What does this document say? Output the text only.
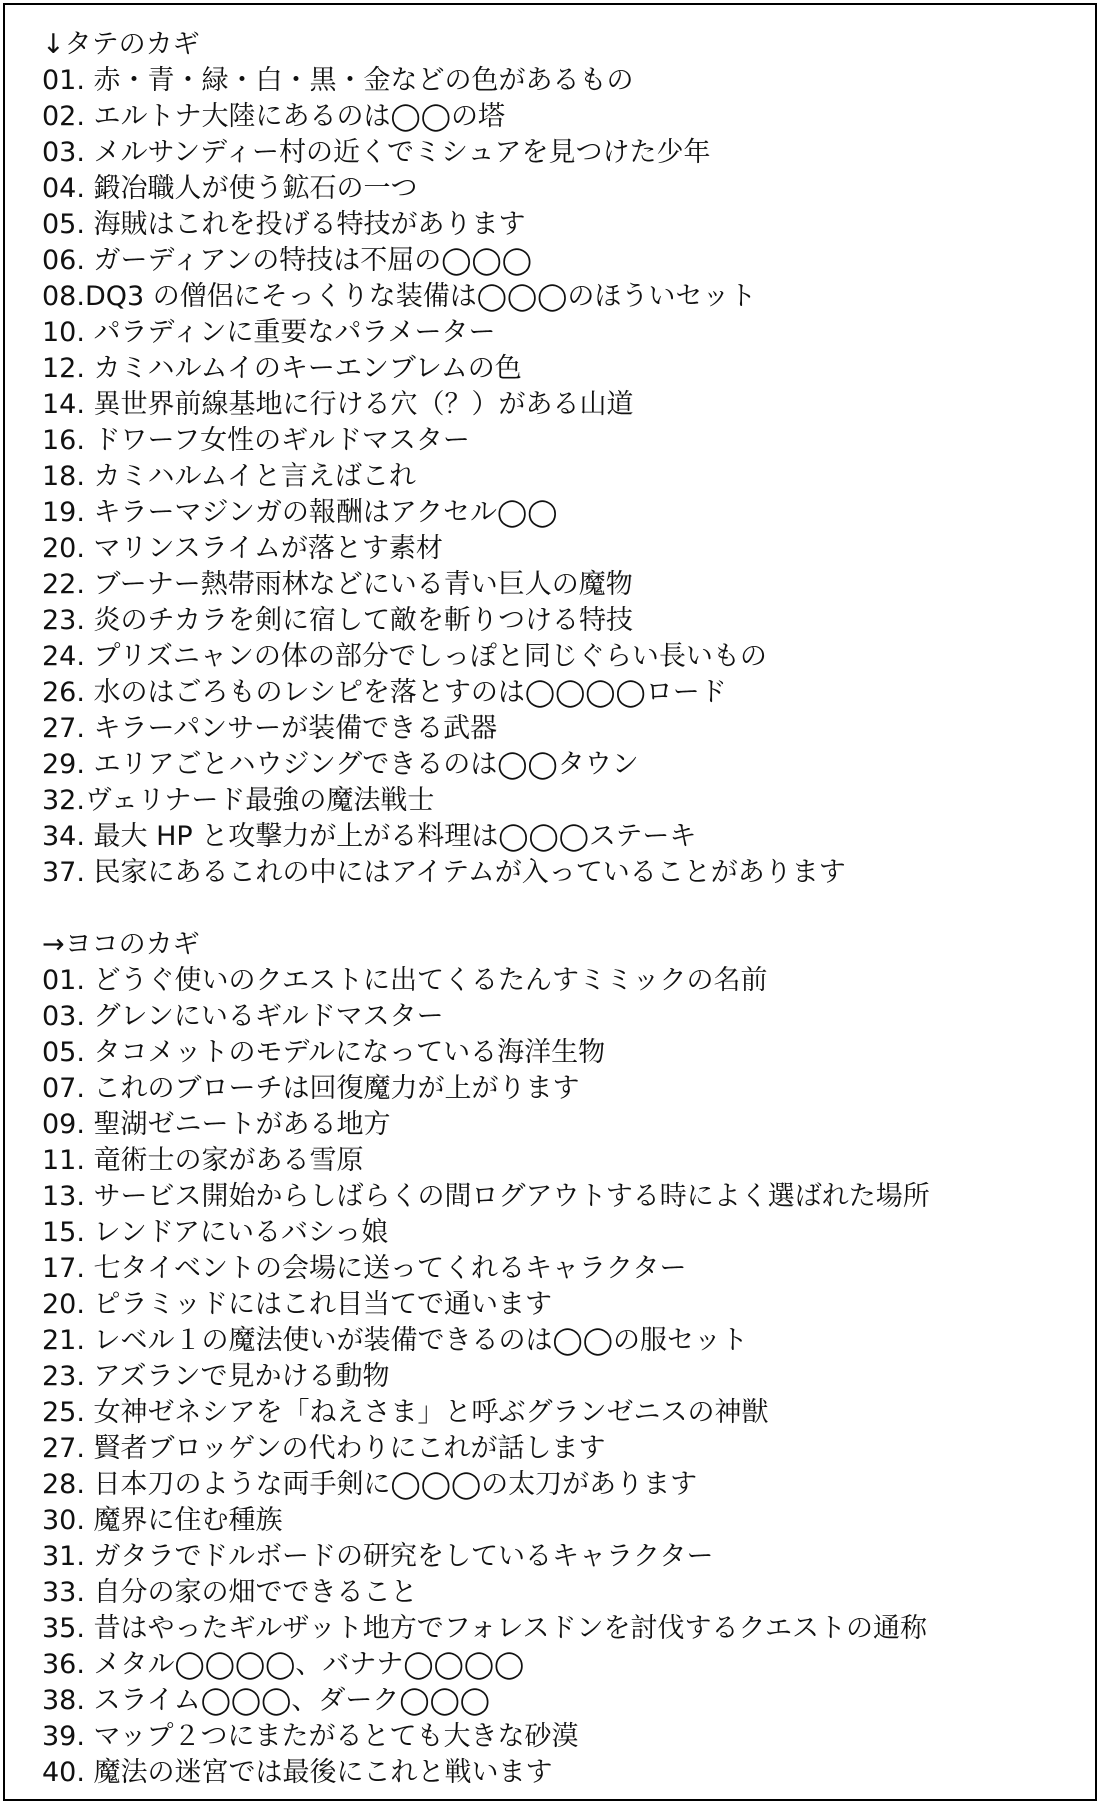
↓タテのカギ
01. 赤・青・緑・白・黒・金などの色があるもの
02. エルトナ大陸にあるのは◯◯の塔
03. メルサンディー村の近くでミシュアを見つけた少年
04. 鍛冶職人が使う鉱石の一つ
05. 海賊はこれを投げる特技があります
06. ガーディアンの特技は不屈の◯◯◯
08.DQ3 の僧侶にそっくりな装備は◯◯◯のほういセット
10. パラディンに重要なパラメーター
12. カミハルムイのキーエンブレムの色
14. 異世界前線基地に行ける穴（？）がある山道
16. ドワーフ女性のギルドマスター
18. カミハルムイと言えばこれ
19. キラーマジンガの報酬はアクセル◯◯
20. マリンスライムが落とす素材
22. ブーナー熱帯雨林などにいる青い巨人の魔物
23. 炎のチカラを剣に宿して敵を斬りつける特技
24. プリズニャンの体の部分でしっぽと同じぐらい長いもの
26. 水のはごろものレシピを落とすのは◯◯◯◯ロード
27. キラーパンサーが装備できる武器
29. エリアごとハウジングできるのは◯◯タウン
32.ヴェリナード最強の魔法戦士
34. 最大 HP と攻撃力が上がる料理は◯◯◯ステーキ
37. 民家にあるこれの中にはアイテムが入っていることがあります
→ヨコのカギ
01. どうぐ使いのクエストに出てくるたんすミミックの名前
03. グレンにいるギルドマスター
05. タコメットのモデルになっている海洋生物
07. これのブローチは回復魔力が上がります
09. 聖湖ゼニートがある地方
11. 竜術士の家がある雪原
13. サービス開始からしばらくの間ログアウトする時によく選ばれた場所
15. レンドアにいるバシっ娘
17. 七タイベントの会場に送ってくれるキャラクター
20. ピラミッドにはこれ目当てで通います
21. レベル１の魔法使いが装備できるのは◯◯の服セット
23. アズランで見かける動物
25. 女神ゼネシアを「ねえさま」と呼ぶグランゼニスの神獣
27. 賢者ブロッゲンの代わりにこれが話します
28. 日本刀のような両手剣に◯◯◯の太刀があります
30. 魔界に住む種族
31. ガタラでドルボードの研究をしているキャラクター
33. 自分の家の畑でできること
35. 昔はやったギルザット地方でフォレスドンを討伐するクエストの通称
36. メタル◯◯◯◯、バナナ◯◯◯◯
38. スライム◯◯◯、ダーク◯◯◯
39. マップ２つにまたがるとても大きな砂漠
40. 魔法の迷宮では最後にこれと戦います
